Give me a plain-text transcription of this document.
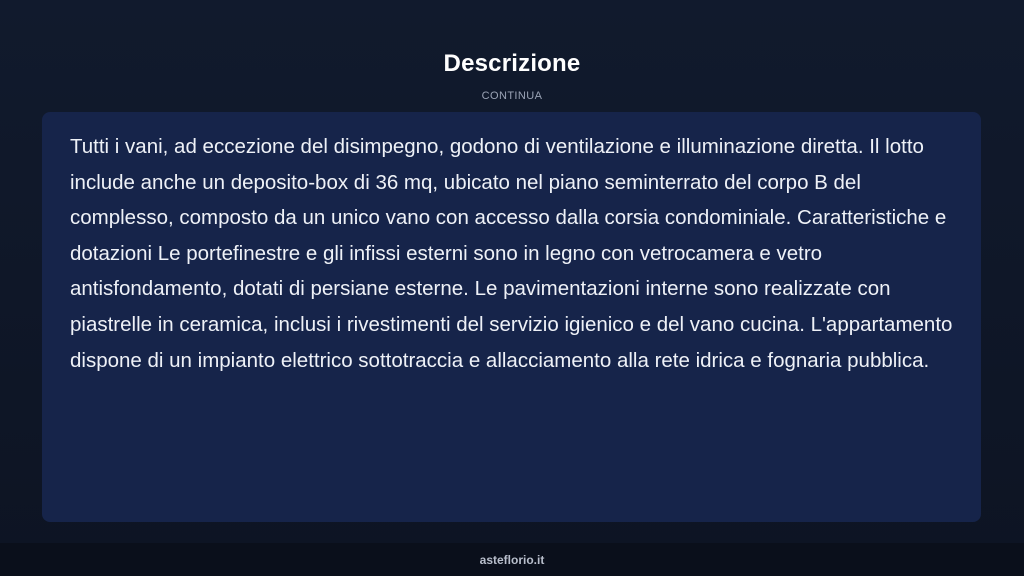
Descrizione
CONTINUA

Tutti i vani, ad eccezione del disimpegno, godono di ventilazione e illuminazione diretta. Il lotto include anche un deposito-box di 36 mq, ubicato nel piano seminterrato del corpo B del complesso, composto da un unico vano con accesso dalla corsia condominiale. Caratteristiche e dotazioni Le portefinestre e gli infissi esterni sono in legno con vetrocamera e vetro antisfondamento, dotati di persiane esterne. Le pavimentazioni interne sono realizzate con piastrelle in ceramica, inclusi i rivestimenti del servizio igienico e del vano cucina. L'appartamento dispone di un impianto elettrico sottotraccia e allacciamento alla rete idrica e fognaria pubblica.

asteflorio.it
